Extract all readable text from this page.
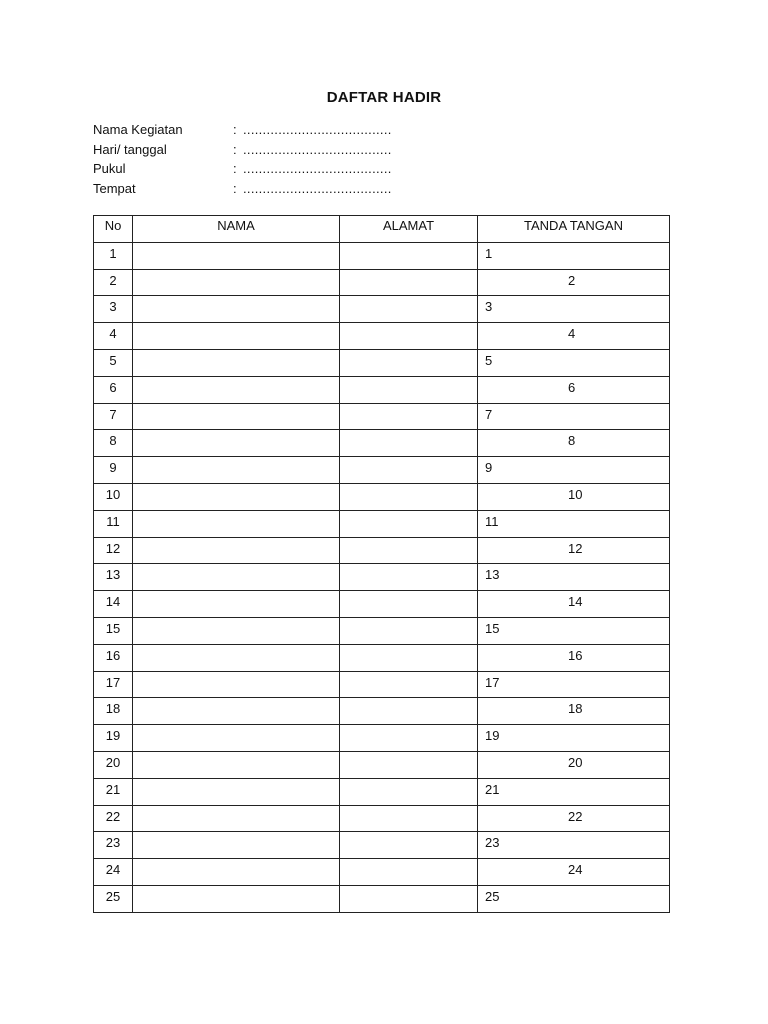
DAFTAR HADIR
Nama Kegiatan	: ......................................
Hari/ tanggal	: ......................................
Pukul	: ......................................
Tempat	: ......................................
No	NAMA	ALAMAT	TANDA TANGAN
1			1

2			2

3			3

4			4

5			5

6			6

7			7

8			8

9			9

10			10

11			11

12			12

13			13

14			14

15			15

16			16

17			17

18			18

19			19

20			20

21			21

22			22

23			23

24			24

25			25
